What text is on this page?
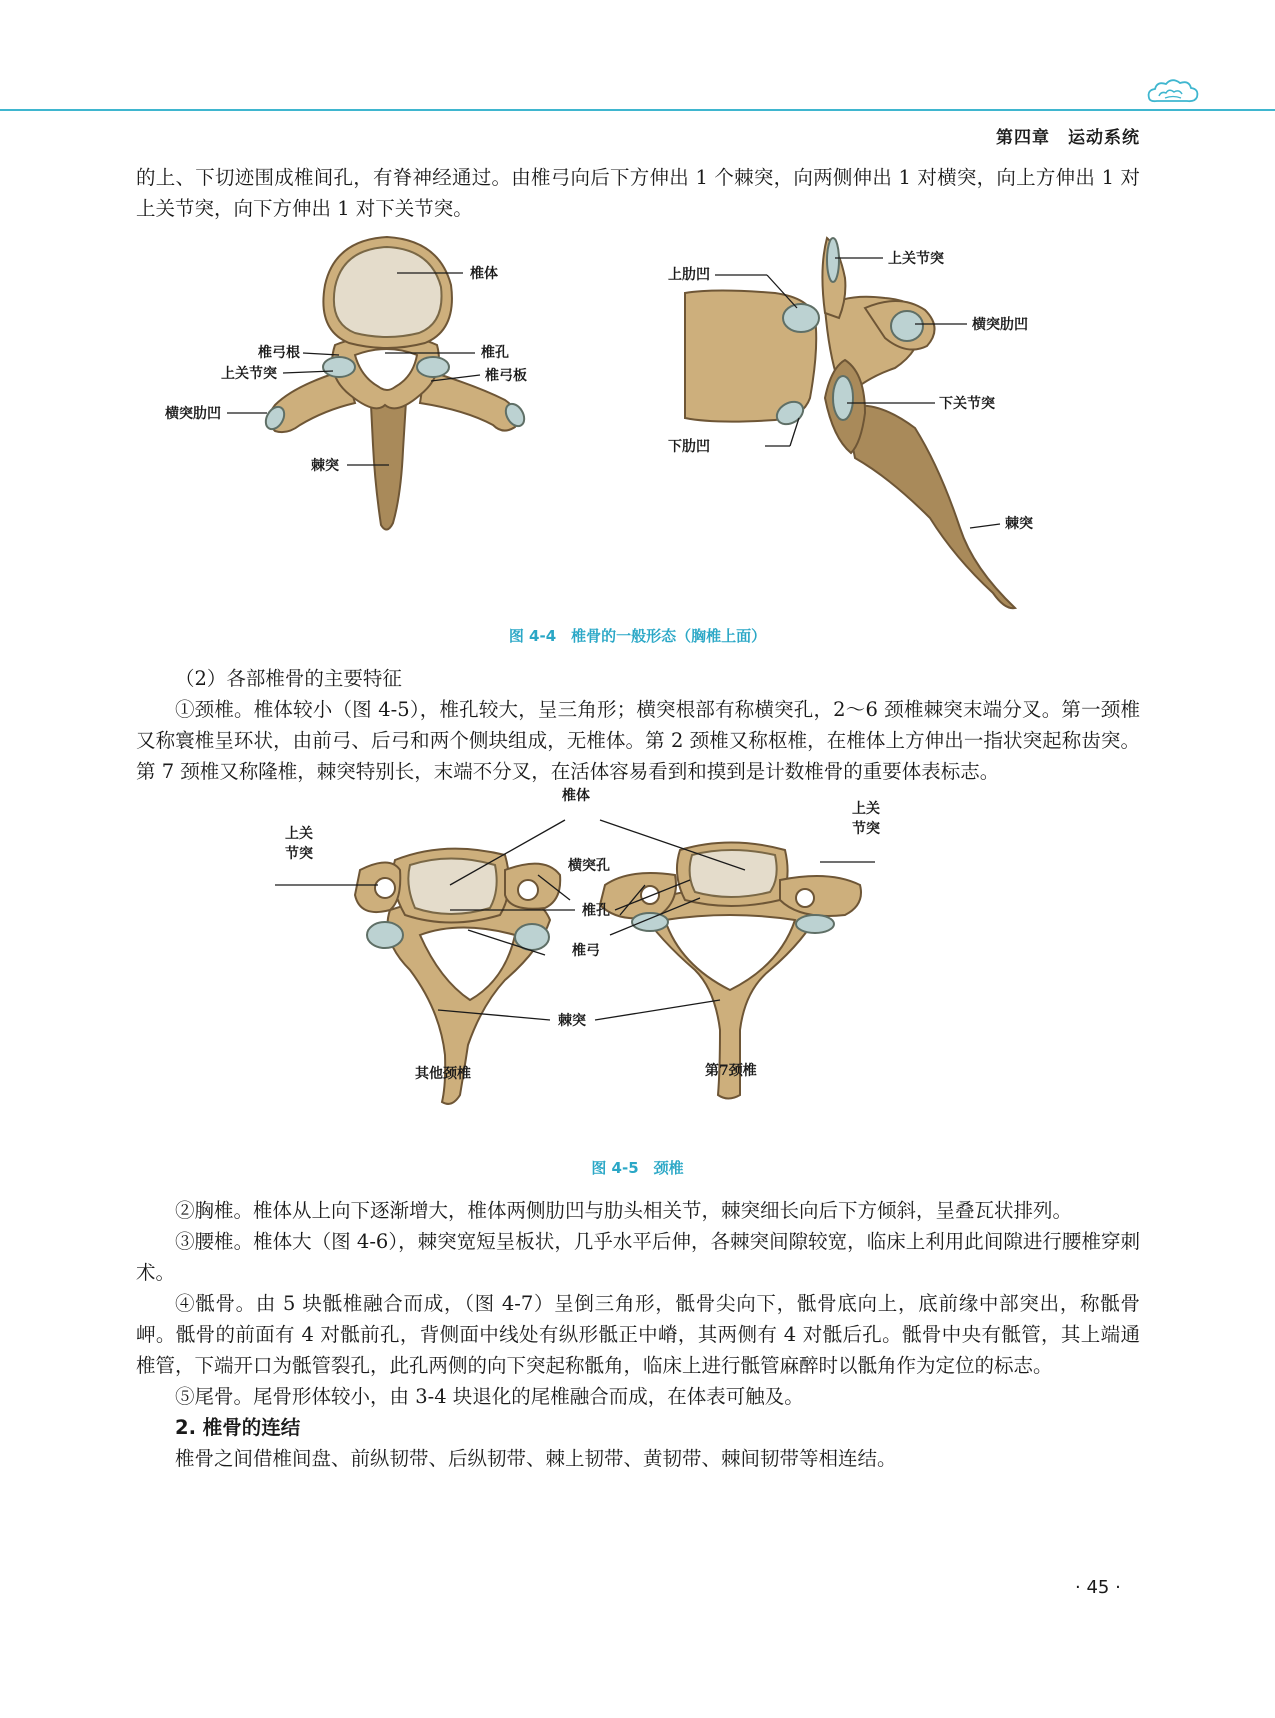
第四章　运动系统

的上、下切迹围成椎间孔，有脊神经通过。由椎弓向后下方伸出 1 个棘突，向两侧伸出 1 对横突，向上方伸出 1 对上关节突，向下方伸出 1 对下关节突。

椎体
椎弓根	椎孔
上关节突	椎弓板
横突肋凹
棘突
上关节突
上肋凹
横突肋凹
下关节突
下肋凹
棘突
图 4-4　椎骨的一般形态（胸椎上面）

（2）各部椎骨的主要特征

①颈椎。椎体较小（图 4-5），椎孔较大，呈三角形；横突根部有称横突孔，2～6 颈椎棘突末端分叉。第一颈椎又称寰椎呈环状，由前弓、后弓和两个侧块组成，无椎体。第 2 颈椎又称枢椎，在椎体上方伸出一指状突起称齿突。第 7 颈椎又称隆椎，棘突特别长，末端不分叉，在活体容易看到和摸到是计数椎骨的重要体表标志。

椎体
上关
节突
上关
节突
横突孔
椎孔
椎弓
棘突
其他颈椎	第7颈椎
图 4-5　颈椎

②胸椎。椎体从上向下逐渐增大，椎体两侧肋凹与肋头相关节，棘突细长向后下方倾斜，呈叠瓦状排列。

③腰椎。椎体大（图 4-6），棘突宽短呈板状，几乎水平后伸，各棘突间隙较宽，临床上利用此间隙进行腰椎穿刺术。

④骶骨。由 5 块骶椎融合而成，（图 4-7）呈倒三角形，骶骨尖向下，骶骨底向上，底前缘中部突出，称骶骨岬。骶骨的前面有 4 对骶前孔，背侧面中线处有纵形骶正中嵴，其两侧有 4 对骶后孔。骶骨中央有骶管，其上端通椎管，下端开口为骶管裂孔，此孔两侧的向下突起称骶角，临床上进行骶管麻醉时以骶角作为定位的标志。

⑤尾骨。尾骨形体较小，由 3-4 块退化的尾椎融合而成，在体表可触及。

2. 椎骨的连结

椎骨之间借椎间盘、前纵韧带、后纵韧带、棘上韧带、黄韧带、棘间韧带等相连结。

· 45 ·
